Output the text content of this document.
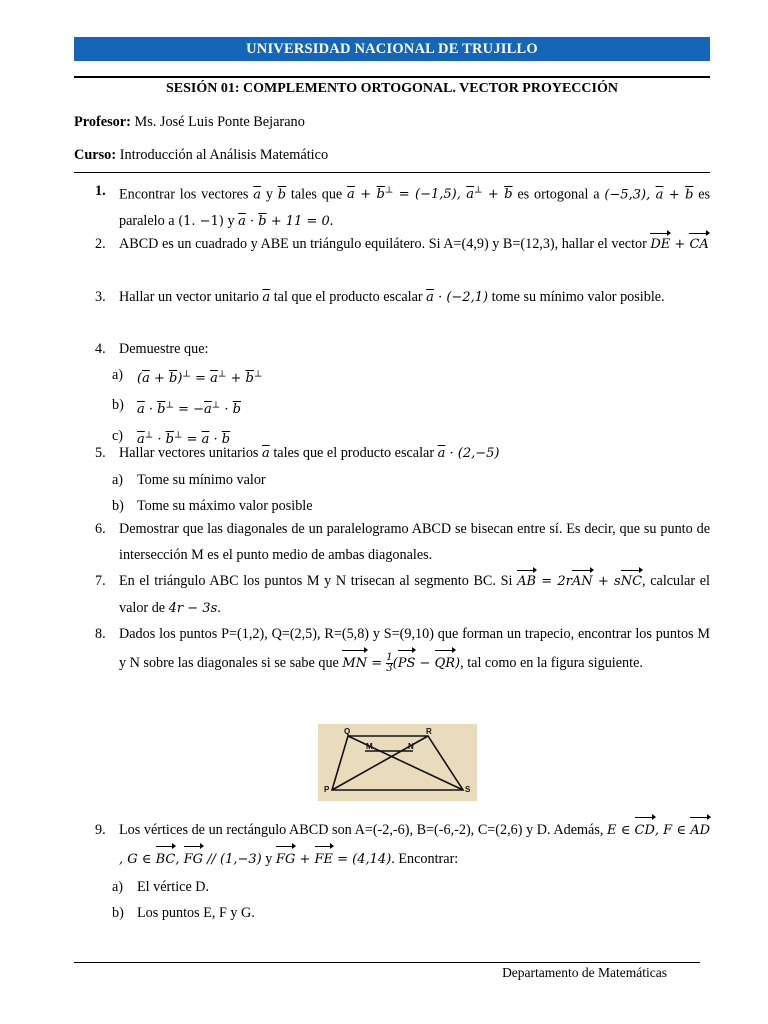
UNIVERSIDAD NACIONAL DE TRUJILLO
SESIÓN 01: COMPLEMENTO ORTOGONAL. VECTOR PROYECCIÓN
Profesor: Ms. José Luis Ponte Bejarano
Curso: Introducción al Análisis Matemático
1. Encontrar los vectores $\overline{a}$ y $\overline{b}$ tales que $\overline{a} + \overline{b}^\perp = (-1,5)$, $\overline{a}^\perp + \overline{b}$ es ortogonal a (−5,3), $\overline{a} + \overline{b}$ es paralelo a (1. −1) y $\overline{a} \cdot \overline{b} + 11 = 0$.
2. ABCD es un cuadrado y ABE un triángulo equilátero. Si A=(4,9) y B=(12,3), hallar el vector DE + CA
3. Hallar un vector unitario $\overline{a}$ tal que el producto escalar $\overline{a} \cdot (-2,1)$ tome su mínimo valor posible.
4. Demuestre que:
a) $(\overline{a} + \overline{b})^\perp = \overline{a}^\perp + \overline{b}^\perp$
b) $\overline{a} \cdot \overline{b}^\perp = -\overline{a}^\perp \cdot \overline{b}$
c) $\overline{a}^\perp \cdot \overline{b}^\perp = \overline{a} \cdot \overline{b}$
5. Hallar vectores unitarios $\overline{a}$ tales que el producto escalar $\overline{a} \cdot (2,-5)$
a) Tome su mínimo valor
b) Tome su máximo valor posible
6. Demostrar que las diagonales de un paralelogramo ABCD se bisecan entre sí. Es decir, que su punto de intersección M es el punto medio de ambas diagonales.
7. En el triángulo ABC los puntos M y N trisecan al segmento BC. Si AB = 2rAN + sNC, calcular el valor de 4r − 3s.
8. Dados los puntos P=(1,2), Q=(2,5), R=(5,8) y S=(9,10) que forman un trapecio, encontrar los puntos M y N sobre las diagonales si se sabe que MN = $\frac{1}{3} (PS - QR)$, tal como en la figura siguiente.
Q	R
M	N
P	S
9. Los vértices de un rectángulo ABCD son A=(-2,-6), B=(-6,-2), C=(2,6) y D. Además, E ∈ CD, F ∈ AD, G ∈ BC, FG // (1,−3) y FG + FE = (4,14). Encontrar:
a) El vértice D.
b) Los puntos E, F y G.
Departamento de Matemáticas
